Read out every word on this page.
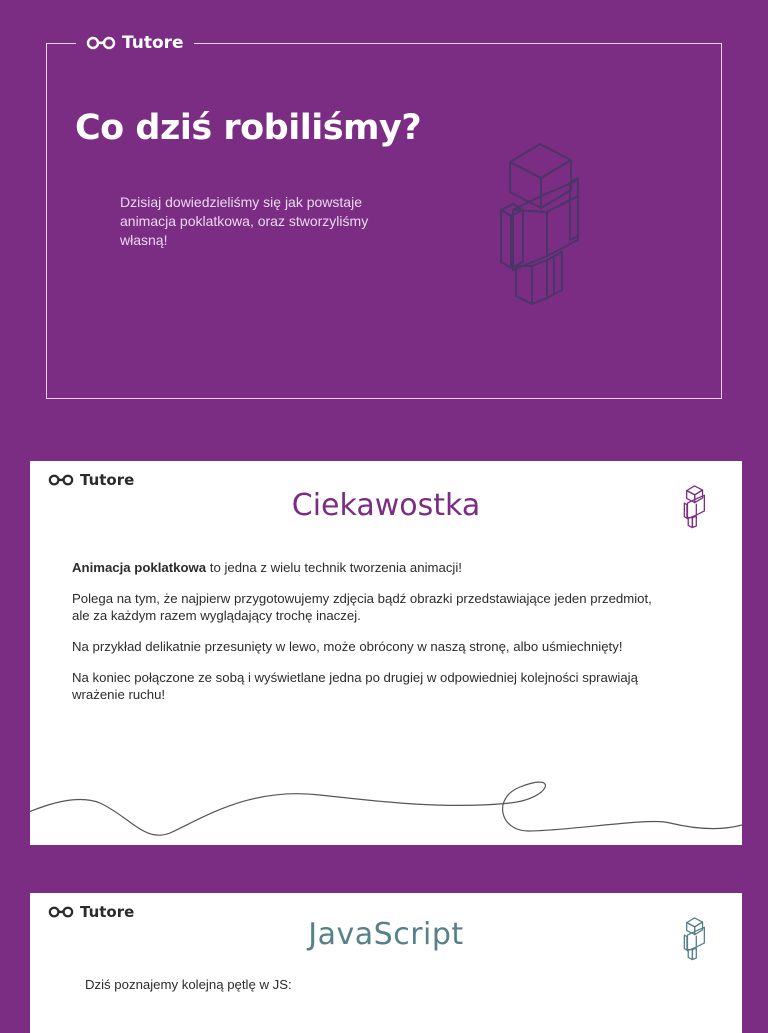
Tutore
Co dziś robiliśmy?
Dzisiaj dowiedzieliśmy się jak powstaje animacja poklatkowa, oraz stworzyliśmy własną!
Tutore
Ciekawostka

Animacja poklatkowa to jedna z wielu technik tworzenia animacji!

Polega na tym, że najpierw przygotowujemy zdjęcia bądź obrazki przedstawiające jeden przedmiot, ale za każdym razem wyglądający trochę inaczej.

Na przykład delikatnie przesunięty w lewo, może obrócony w naszą stronę, albo uśmiechnięty!

Na koniec połączone ze sobą i wyświetlane jedna po drugiej w odpowiedniej kolejności sprawiają wrażenie ruchu!

Tutore
JavaScript
Dziś poznajemy kolejną pętlę w JS:
